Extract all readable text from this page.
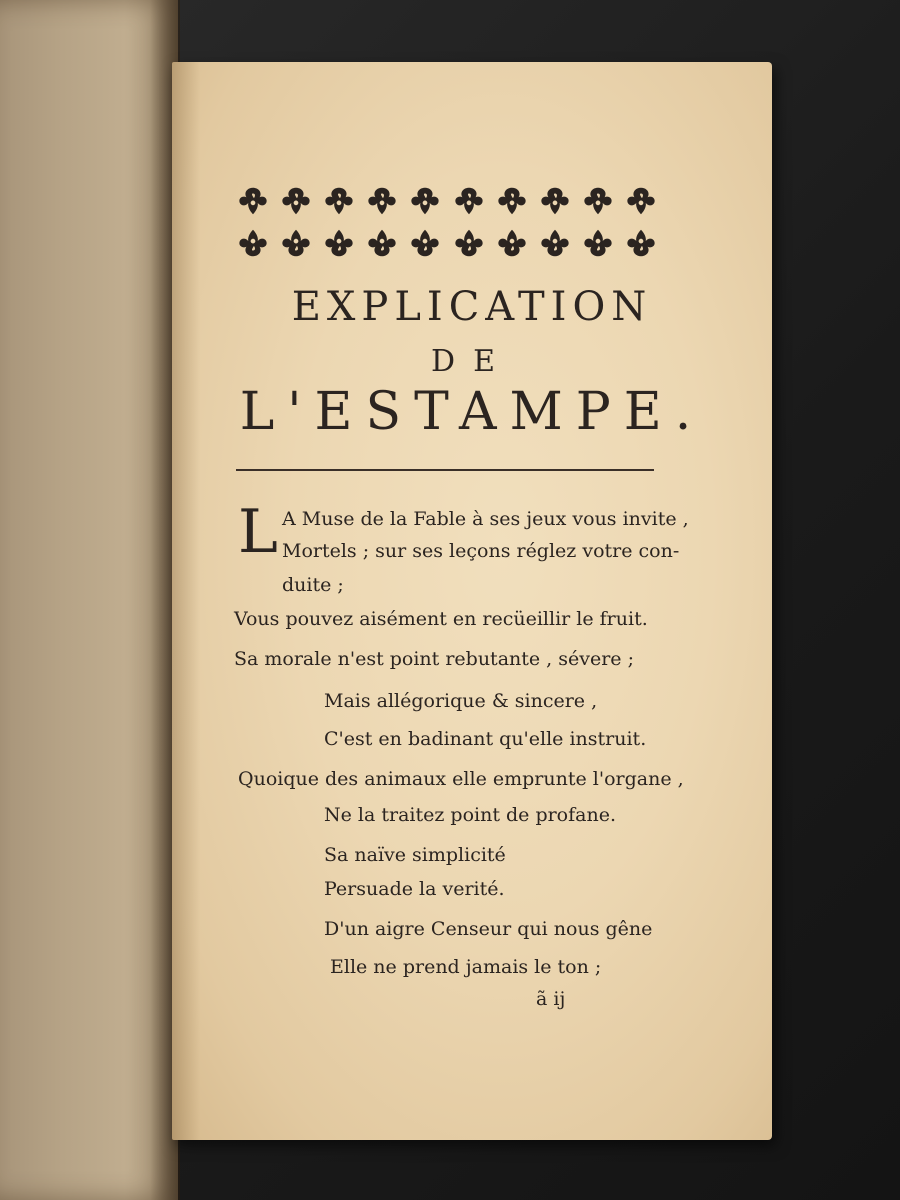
EXPLICATION
DE
L'ESTAMPE.
L A Muse de la Fable à ses jeux vous invite ,
Mortels ; sur ses leçons réglez votre con-
duite ;
Vous pouvez aisément en recüeillir le fruit.
Sa morale n'est point rebutante , sévere ;
Mais allégorique & sincere ,
C'est en badinant qu'elle instruit.
Quoique des animaux elle emprunte l'organe ,
Ne la traitez point de profane.
Sa naïve simplicité
Persuade la verité.
D'un aigre Censeur qui nous gêne
Elle ne prend jamais le ton ;
ã ij
